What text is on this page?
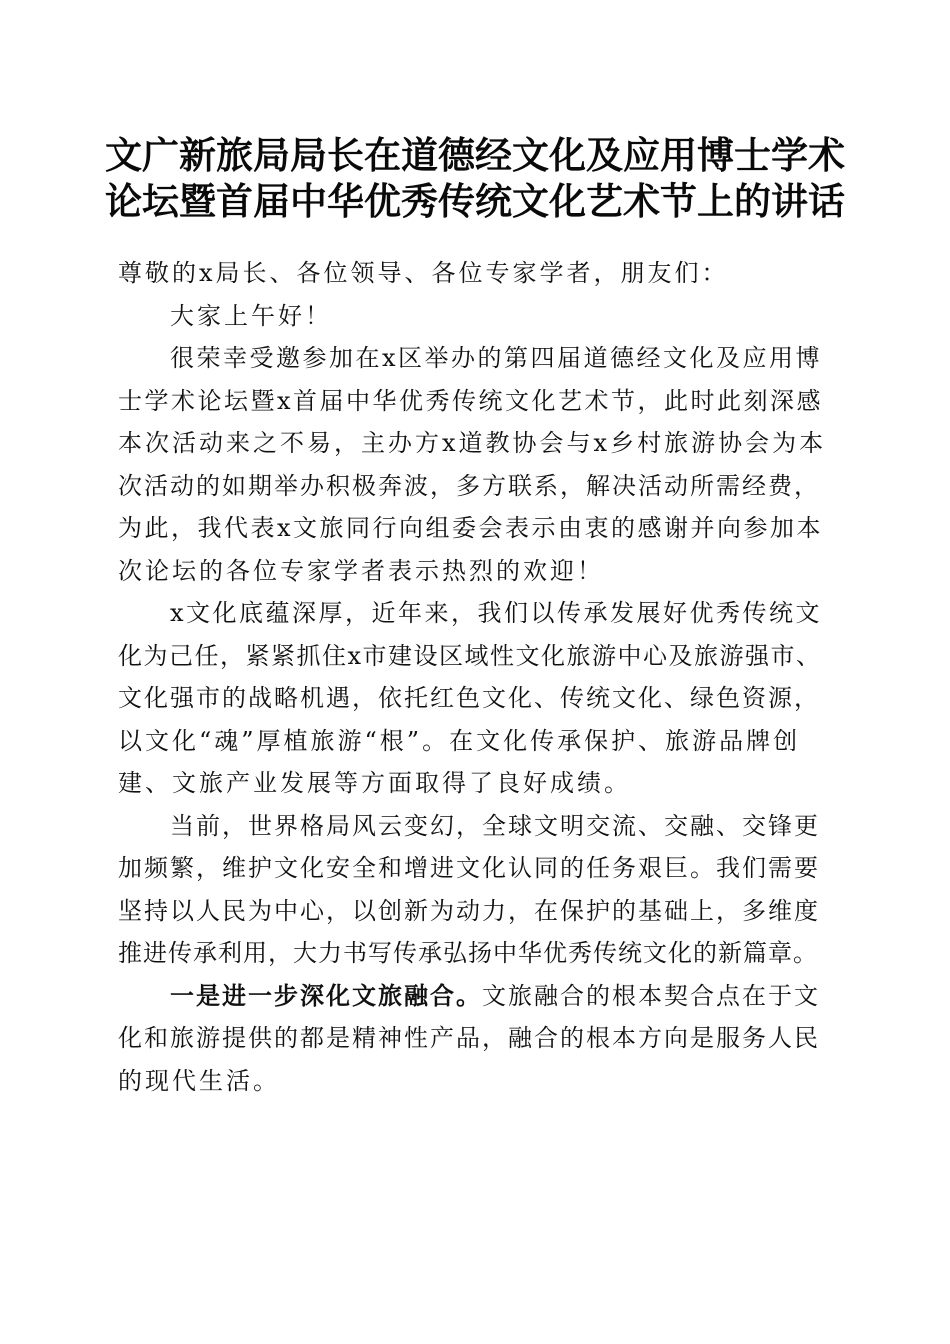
文广新旅局局长在道德经文化及应用博士学术
论坛暨首届中华优秀传统文化艺术节上的讲话
尊敬的x局长、各位领导、各位专家学者，朋友们：
大家上午好！
很荣幸受邀参加在x区举办的第四届道德经文化及应用博
士学术论坛暨x首届中华优秀传统文化艺术节，此时此刻深感
本次活动来之不易，主办方x道教协会与x乡村旅游协会为本
次活动的如期举办积极奔波，多方联系，解决活动所需经费，
为此，我代表x文旅同行向组委会表示由衷的感谢并向参加本
次论坛的各位专家学者表示热烈的欢迎！
x文化底蕴深厚，近年来，我们以传承发展好优秀传统文
化为己任，紧紧抓住x市建设区域性文化旅游中心及旅游强市、
文化强市的战略机遇，依托红色文化、传统文化、绿色资源，
以文化“魂”厚植旅游“根”。在文化传承保护、旅游品牌创
建、文旅产业发展等方面取得了良好成绩。
当前，世界格局风云变幻，全球文明交流、交融、交锋更
加频繁，维护文化安全和增进文化认同的任务艰巨。我们需要
坚持以人民为中心，以创新为动力，在保护的基础上，多维度
推进传承利用，大力书写传承弘扬中华优秀传统文化的新篇章。
一是进一步深化文旅融合。文旅融合的根本契合点在于文
化和旅游提供的都是精神性产品，融合的根本方向是服务人民
的现代生活。
